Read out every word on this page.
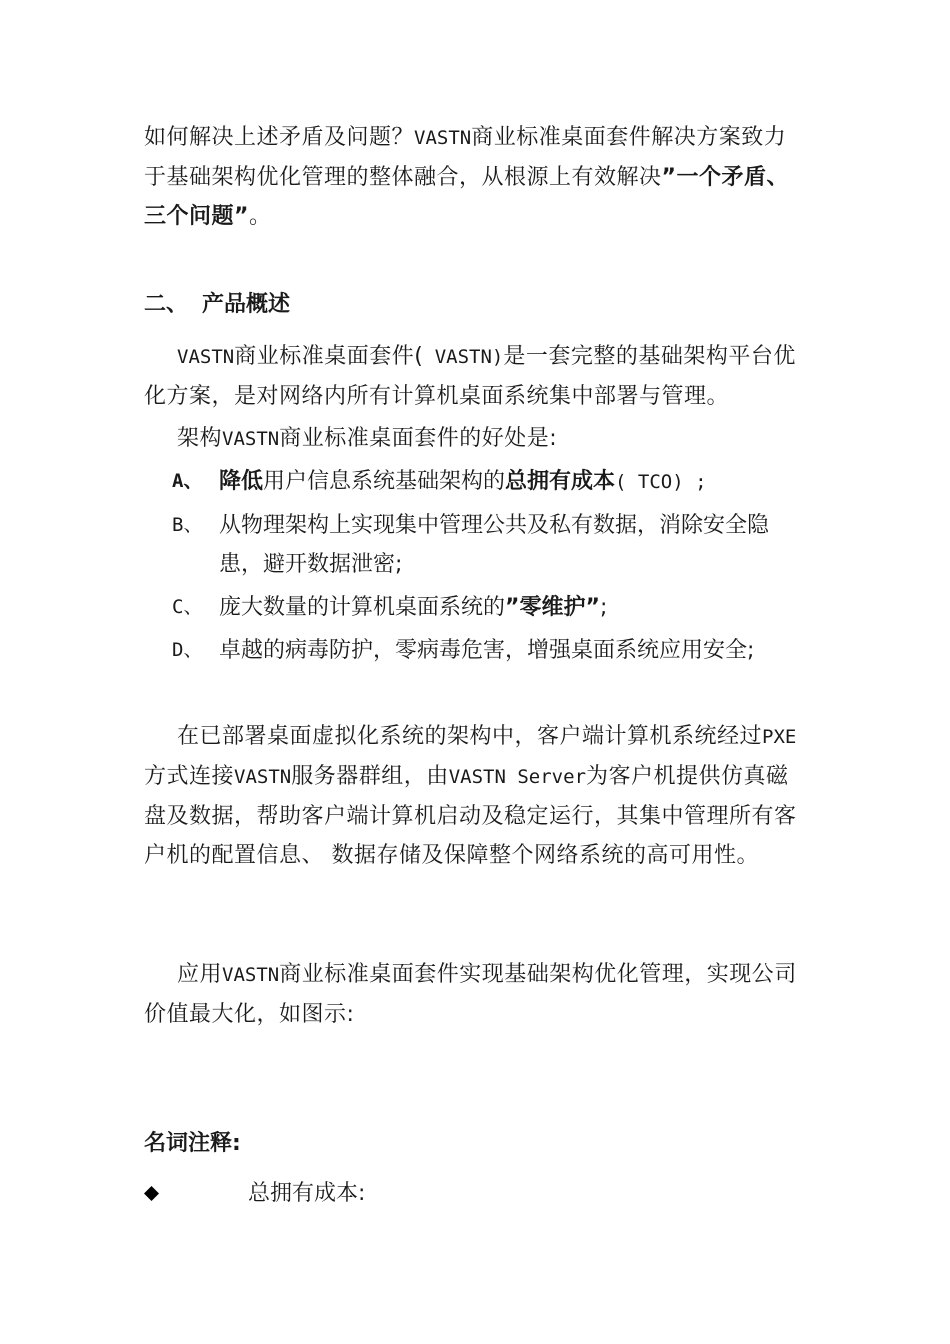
如何解决上述矛盾及问题？VASTN商业标准桌面套件解决方案致力于基础架构优化管理的整体融合，从根源上有效解决”一个矛盾、 三个问题”。

二、 产品概述

VASTN商业标准桌面套件( VASTN)是一套完整的基础架构平台优化方案，是对网络内所有计算机桌面系统集中部署与管理。

架构VASTN商业标准桌面套件的好处是:

A、 降低用户信息系统基础架构的总拥有成本( TCO) ;

B、 从物理架构上实现集中管理公共及私有数据，消除安全隐患，避开数据泄密;

C、 庞大数量的计算机桌面系统的”零维护”;

D、 卓越的病毒防护，零病毒危害，增强桌面系统应用安全;

在已部署桌面虚拟化系统的架构中，客户端计算机系统经过PXE方式连接VASTN服务器群组，由VASTN Server为客户机提供仿真磁盘及数据，帮助客户端计算机启动及稳定运行，其集中管理所有客户机的配置信息、 数据存储及保障整个网络系统的高可用性。

应用VASTN商业标准桌面套件实现基础架构优化管理，实现公司价值最大化，如图示:

名词注释:
总拥有成本:
